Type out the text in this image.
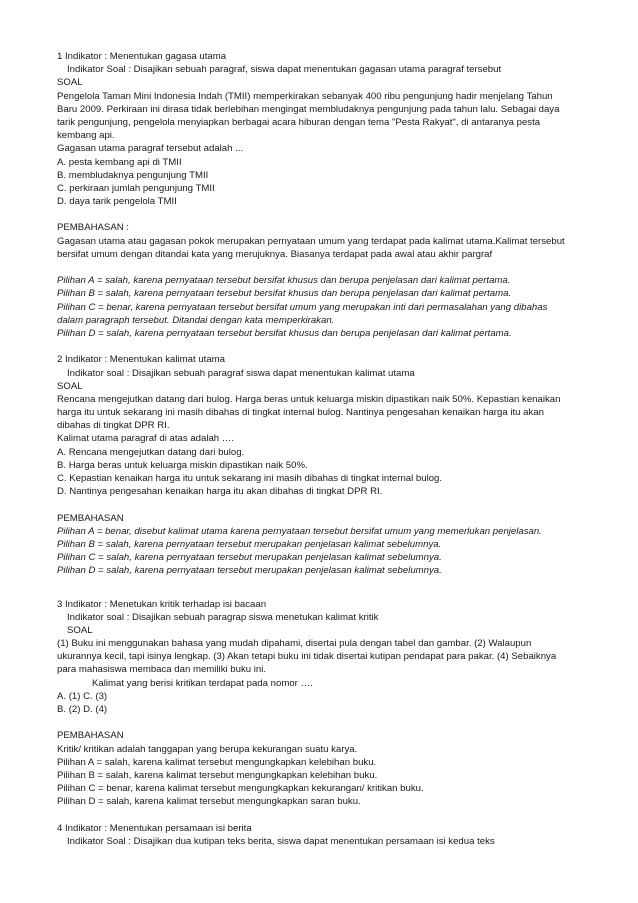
1 Indikator : Menentukan gagasa utama
Indikator Soal : Disajikan sebuah paragraf, siswa dapat menentukan gagasan utama paragraf tersebut
SOAL
Pengelola Taman Mini Indonesia Indah (TMII) memperkirakan sebanyak 400 ribu pengunjung hadir menjelang Tahun
Baru 2009. Perkiraan ini dirasa tidak berlebihan mengingat membludaknya pengunjung pada tahun lalu. Sebagai daya
tarik pengunjung, pengelola menyiapkan berbagai acara hiburan dengan tema "Pesta Rakyat", di antaranya pesta
kembang api.
Gagasan utama paragraf tersebut adalah ...
A. pesta kembang api di TMII
B. membludaknya pengunjung TMII
C. perkiraan jumlah pengunjung TMII
D. daya tarik pengelola TMII
PEMBAHASAN :
Gagasan utama atau gagasan pokok merupakan pernyataan umum yang terdapat pada kalimat utama.Kalimat tersebut
bersifat umum dengan ditandai kata yang merujuknya. Biasanya terdapat pada awal atau akhir pargraf
Pilihan A = salah, karena pernyataan tersebut bersifat khusus dan berupa penjelasan dari kalimat pertama.
Pilihan B = salah, karena pernyataan tersebut bersifat khusus dan berupa penjelasan dari kalimat pertama.
Pilihan C = benar, karena pernyataan tersebut bersifat umum yang merupakan inti dari permasalahan yang dibahas
dalam paragraph tersebut. Ditandai dengan kata memperkirakan.
Pilihan D = salah, karena pernyataan tersebut bersifat khusus dan berupa penjelasan dari kalimat pertama.
2 Indikator : Menentukan kalimat utama
Indikator soal : Disajikan sebuah paragraf siswa dapat menentukan kalimat utama
SOAL
Rencana mengejutkan datang dari bulog. Harga beras untuk keluarga miskin dipastikan naik 50%. Kepastian kenaikan
harga itu untuk sekarang ini masih dibahas di tingkat internal bulog. Nantinya pengesahan kenaikan harga itu akan
dibahas di tingkat DPR RI.
Kalimat utama paragraf di atas adalah ….
A. Rencana mengejutkan datang dari bulog.
B. Harga beras untuk keluarga miskin dipastikan naik 50%.
C. Kepastian kenaikan harga itu untuk sekarang ini masih dibahas di tingkat internal bulog.
D. Nantinya pengesahan kenaikan harga itu akan dibahas di tingkat DPR RI.
PEMBAHASAN
Pilihan A = benar, disebut kalimat utama karena pernyataan tersebut bersifat umum yang memerlukan penjelasan.
Pilihan B = salah, karena pernyataan tersebut merupakan penjelasan kalimat sebelumnya.
Pilihan C = salah, karena pernyataan tersebut merupakan penjelasan kalimat sebelumnya.
Pilihan D = salah, karena pernyataan tersebut merupakan penjelasan kalimat sebelumnya.
3 Indikator : Menetukan kritik terhadap isi bacaan
Indikator soal : Disajikan sebuah paragrap siswa menetukan kalimat kritik
SOAL
(1) Buku ini menggunakan bahasa yang mudah dipahami, disertai pula dengan tabel dan gambar. (2) Walaupun
ukurannya kecil, tapi isinya lengkap. (3) Akan tetapi buku ini tidak disertai kutipan pendapat para pakar. (4) Sebaiknya
para mahasiswa membaca dan memiliki buku ini.
Kalimat yang berisi kritikan terdapat pada nomor ….
A. (1) C. (3)
B. (2) D. (4)
PEMBAHASAN
Kritik/ kritikan adalah tanggapan yang berupa kekurangan suatu karya.
Pilihan A = salah, karena kalimat tersebut mengungkapkan kelebihan buku.
Pilihan B = salah, karena kalimat tersebut mengungkapkan kelebihan buku.
Pilihan C = benar, karena kalimat tersebut mengungkapkan kekurangan/ kritikan buku.
Pilihan D = salah, karena kalimat tersebut mengungkapkan saran buku.
4 Indikator : Menentukan persamaan isi berita
Indikator Soal : Disajikan dua kutipan teks berita, siswa dapat menentukan persamaan isi kedua teks
